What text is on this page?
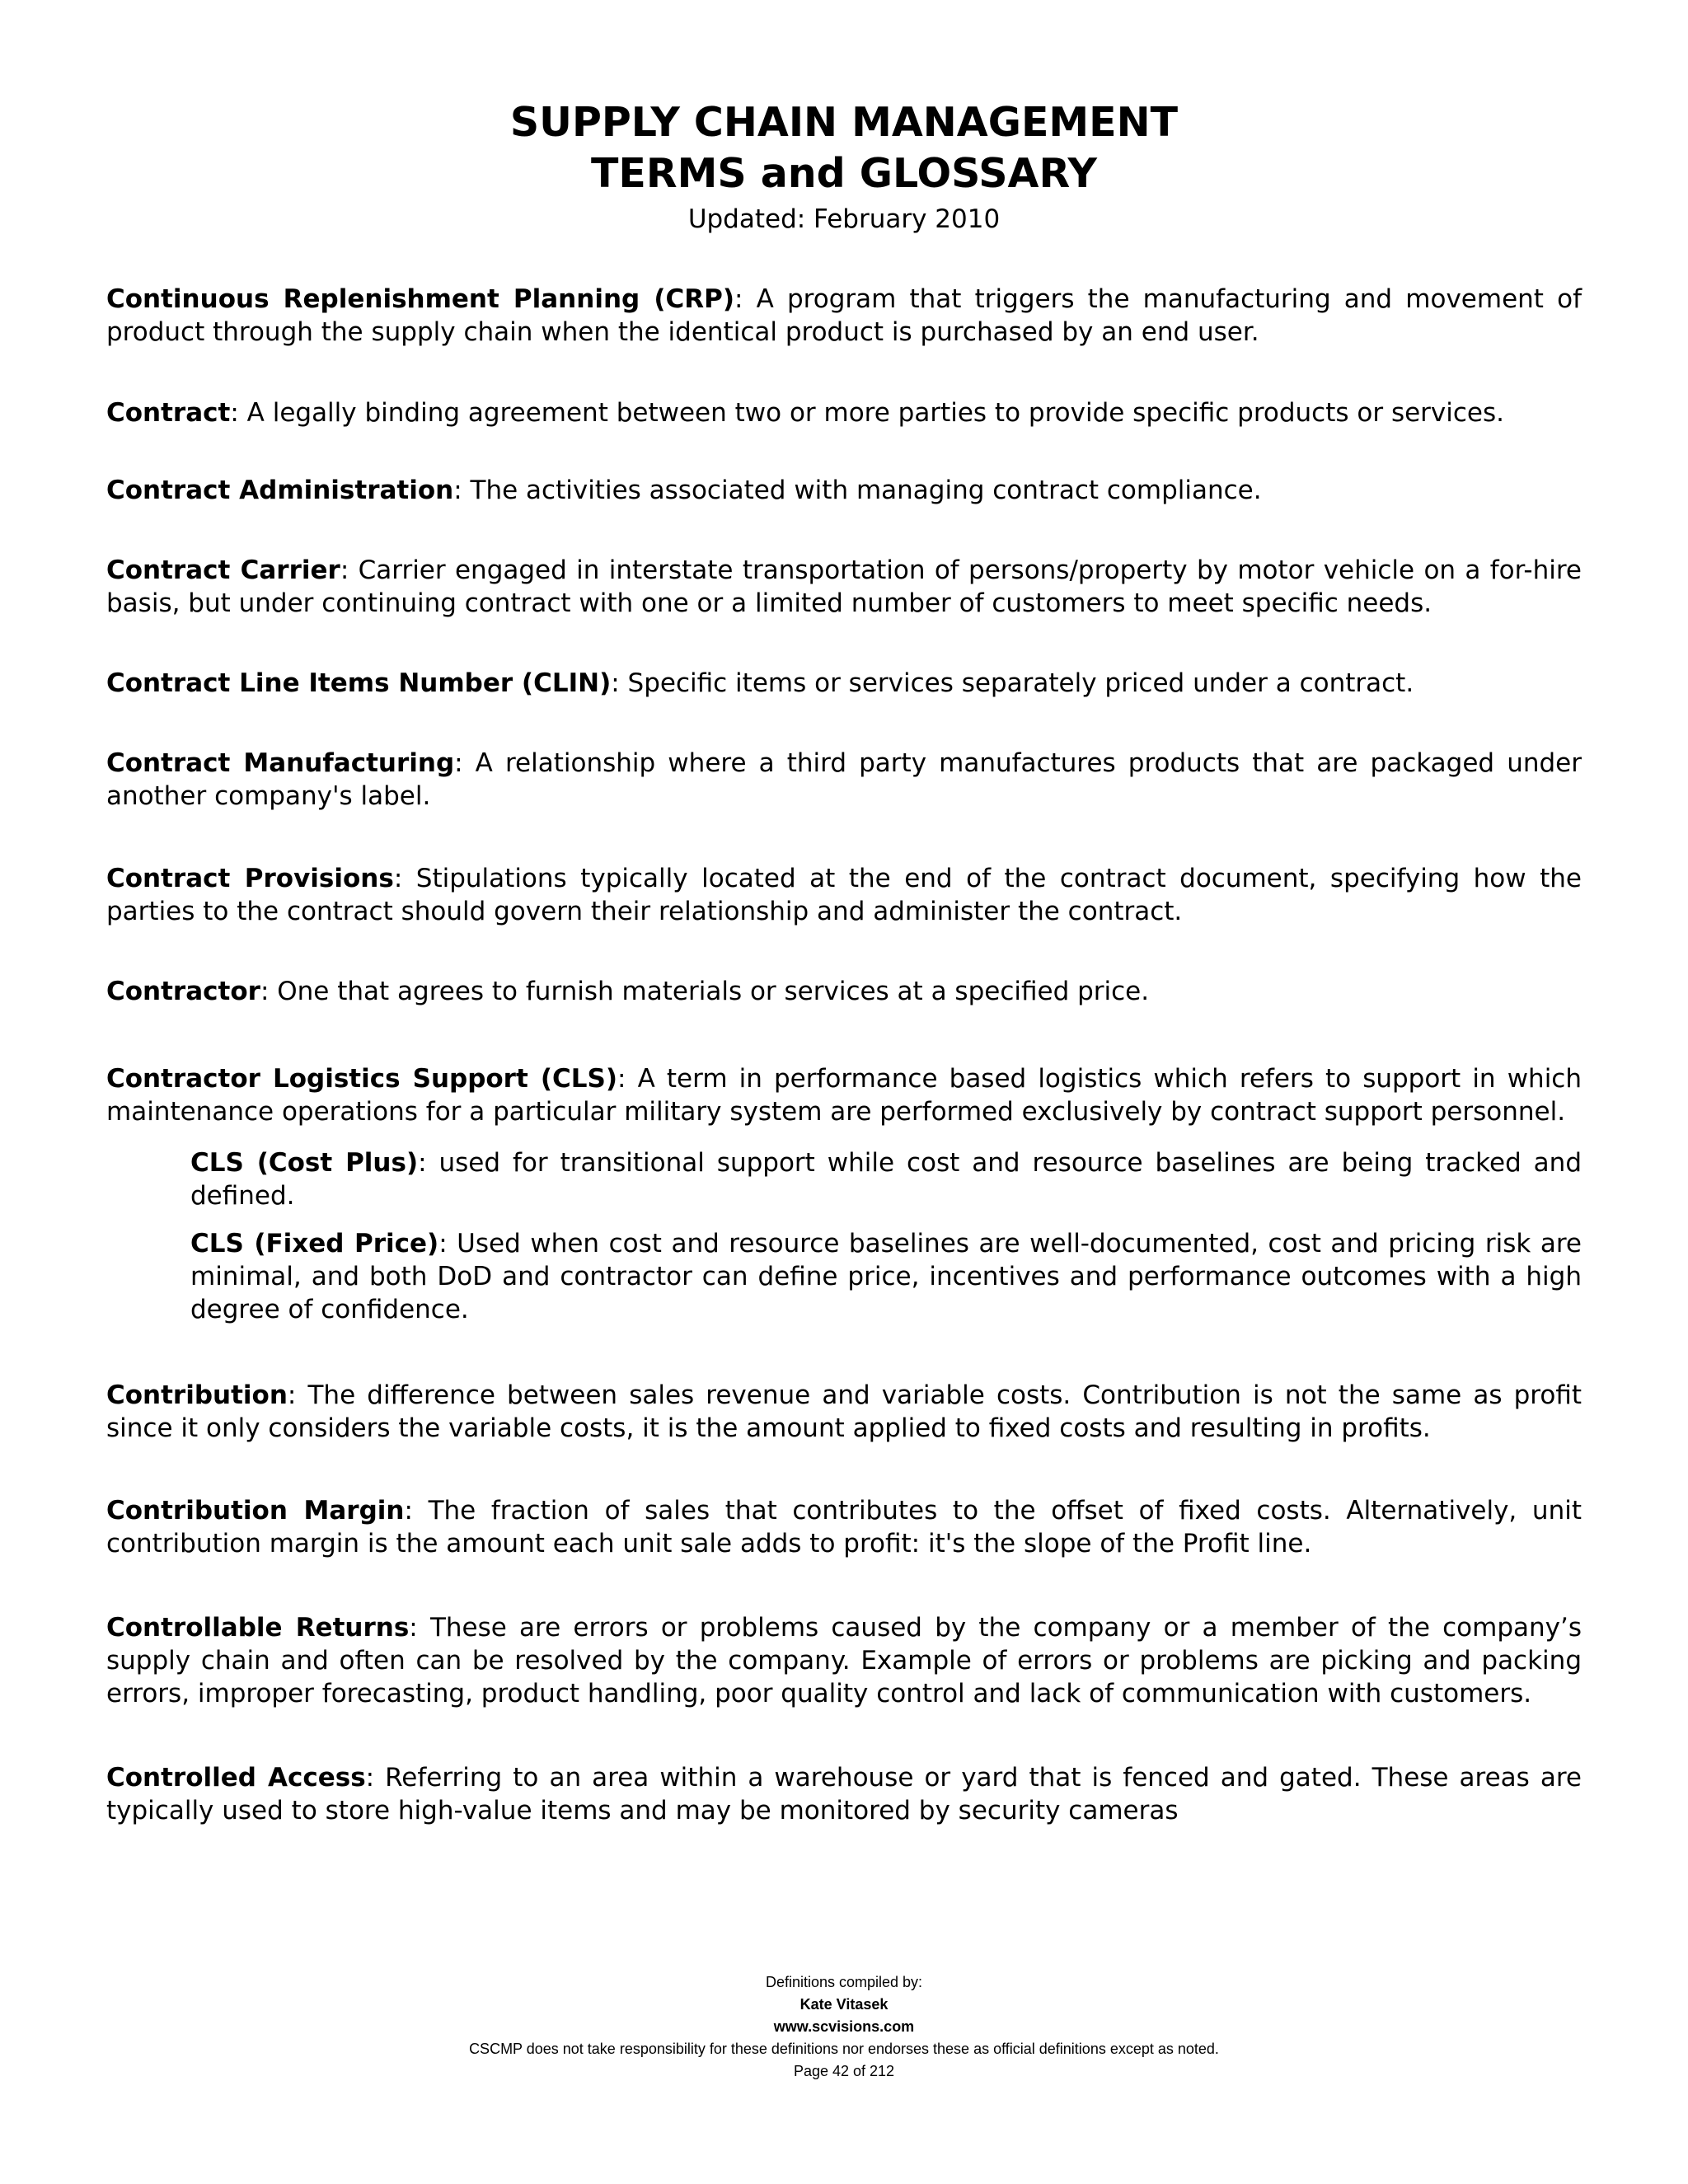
SUPPLY CHAIN MANAGEMENT
TERMS and GLOSSARY
Updated: February 2010

Continuous Replenishment Planning (CRP): A program that triggers the manufacturing and movement of product through the supply chain when the identical product is purchased by an end user.

Contract: A legally binding agreement between two or more parties to provide specific products or services.

Contract Administration: The activities associated with managing contract compliance.

Contract Carrier: Carrier engaged in interstate transportation of persons/property by motor vehicle on a for-hire basis, but under continuing contract with one or a limited number of customers to meet specific needs.

Contract Line Items Number (CLIN): Specific items or services separately priced under a contract.

Contract Manufacturing: A relationship where a third party manufactures products that are packaged under another company's label.

Contract Provisions: Stipulations typically located at the end of the contract document, specifying how the parties to the contract should govern their relationship and administer the contract.

Contractor: One that agrees to furnish materials or services at a specified price.

Contractor Logistics Support (CLS): A term in performance based logistics which refers to support in which maintenance operations for a particular military system are performed exclusively by contract support personnel.

CLS (Cost Plus): used for transitional support while cost and resource baselines are being tracked and defined.

CLS (Fixed Price): Used when cost and resource baselines are well-documented, cost and pricing risk are minimal, and both DoD and contractor can define price, incentives and performance outcomes with a high degree of confidence.

Contribution: The difference between sales revenue and variable costs. Contribution is not the same as profit since it only considers the variable costs, it is the amount applied to fixed costs and resulting in profits.

Contribution Margin: The fraction of sales that contributes to the offset of fixed costs. Alternatively, unit contribution margin is the amount each unit sale adds to profit: it's the slope of the Profit line.

Controllable Returns: These are errors or problems caused by the company or a member of the company’s supply chain and often can be resolved by the company. Example of errors or problems are picking and packing errors, improper forecasting, product handling, poor quality control and lack of communication with customers.

Controlled Access: Referring to an area within a warehouse or yard that is fenced and gated. These areas are typically used to store high-value items and may be monitored by security cameras

Definitions compiled by:
Kate Vitasek
www.scvisions.com
CSCMP does not take responsibility for these definitions nor endorses these as official definitions except as noted.
Page 42 of 212
